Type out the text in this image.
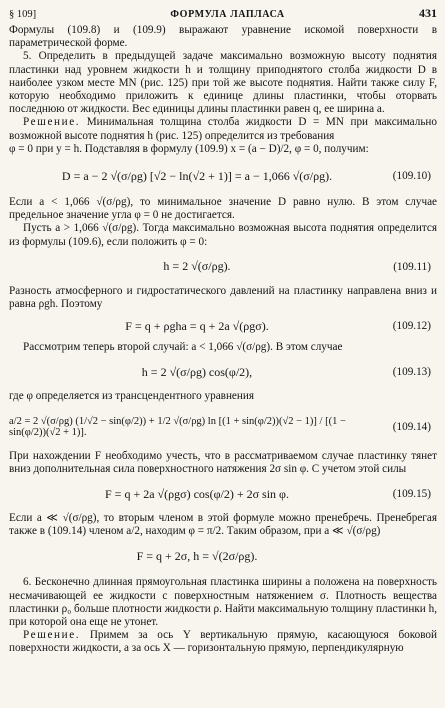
§ 109]	ФОРМУЛА ЛАПЛАСА	431

Формулы (109.8) и (109.9) выражают уравнение искомой поверхности в параметрической форме.

5. Определить в предыдущей задаче максимально возможную высоту поднятия пластинки над уровнем жидкости h и толщину приподнятого столба жидкости D в наиболее узком месте MN (рис. 125) при той же высоте поднятия. Найти также силу F, которую необходимо приложить к единице длины пластинки, чтобы оторвать последнюю от жидкости. Вес единицы длины пластинки равен q, ее ширина a.

Решение. Минимальная толщина столба жидкости D = MN при максимально возможной высоте поднятия h (рис. 125) определится из требования

φ = 0 при y = h. Подставляя в формулу (109.9) x = (a − D)/2, φ = 0, получим:

D = a − 2 √(σ/ρg) [√2 − ln(√2 + 1)] = a − 1,066 √(σ/ρg).	(109.10)

Если a < 1,066 √(σ/ρg), то минимальное значение D равно нулю. В этом случае предельное значение угла φ = 0 не достигается.

Пусть a > 1,066 √(σ/ρg). Тогда максимально возможная высота поднятия определится из формулы (109.6), если положить φ = 0:

h = 2 √(σ/ρg).	(109.11)

Разность атмосферного и гидростатического давлений на пластинку направлена вниз и равна ρgh. Поэтому

F = q + ρgha = q + 2a √(ρgσ).	(109.12)

Рассмотрим теперь второй случай: a < 1,066 √(σ/ρg). В этом случае

h = 2 √(σ/ρg) cos(φ/2),	(109.13)

где φ определяется из трансцендентного уравнения

a/2 = 2 √(σ/ρg) (1/√2 − sin(φ/2)) + 1/2 √(σ/ρg) ln [(1 + sin(φ/2))(√2 − 1)] / [(1 − sin(φ/2))(√2 + 1)].	(109.14)

При нахождении F необходимо учесть, что в рассматриваемом случае пластинку тянет вниз дополнительная сила поверхностного натяжения 2σ sin φ. С учетом этой силы

F = q + 2a √(ρgσ) cos(φ/2) + 2σ sin φ.	(109.15)

Если a ≪ √(σ/ρg), то вторым членом в этой формуле можно пренебречь. Пренебрегая также в (109.14) членом a/2, находим φ = π/2. Таким образом, при a ≪ √(σ/ρg)

F = q + 2σ, h = √(2σ/ρg).

6. Бесконечно длинная прямоугольная пластинка ширины a положена на поверхность несмачивающей ее жидкости с поверхностным натяжением σ. Плотность вещества пластинки ρ₀ больше плотности жидкости ρ. Найти максимальную толщину пластинки h, при которой она еще не утонет.

Решение. Примем за ось Y вертикальную прямую, касающуюся боковой поверхности жидкости, а за ось X — горизонтальную прямую, перпендикулярную
